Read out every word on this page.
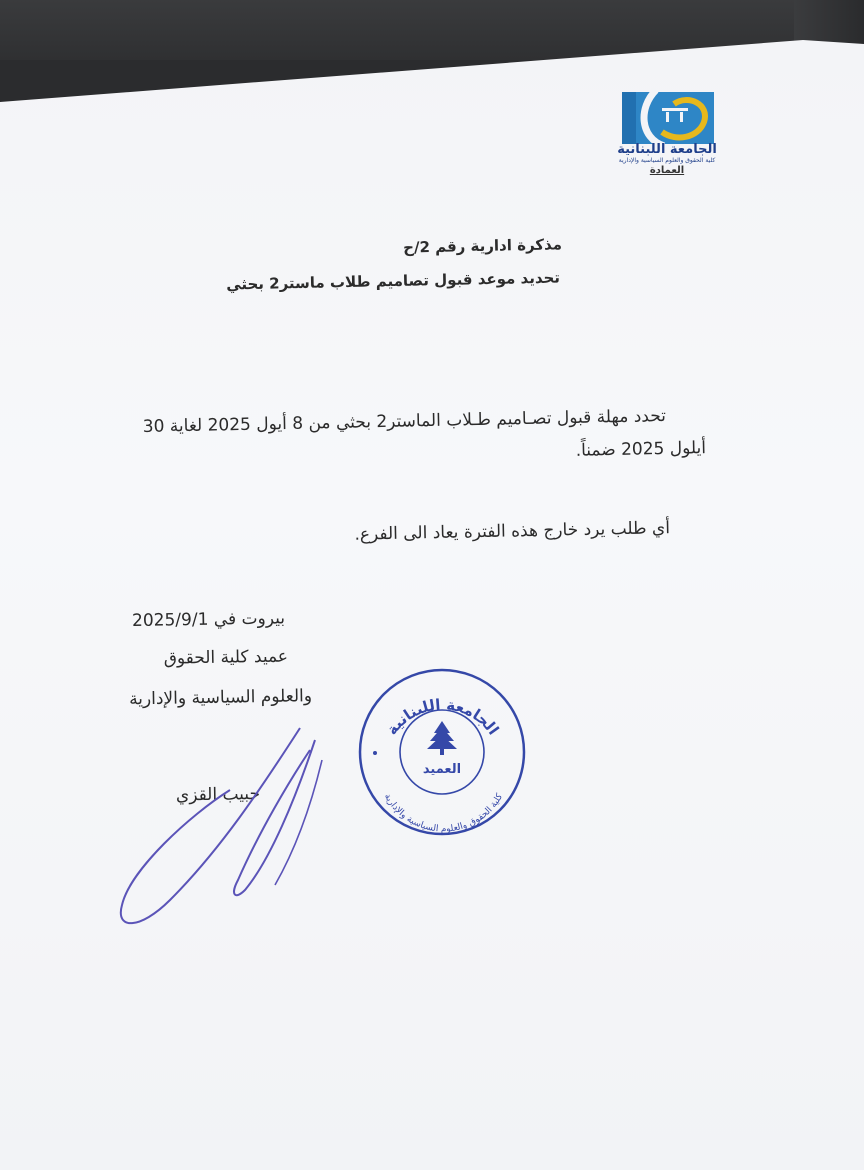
الجامعة اللبنانية
كلية الحقوق والعلوم السياسية والإدارية
العمادة
مذكرة ادارية رقم 2/ح
تحديد موعد قبول تصاميم طلاب ماستر2 بحثي
تحدد مهلة قبول تصـاميم طـلاب الماستر2 بحثي من 8 أيول 2025 لغاية 30
أيلول 2025 ضمناً.
أي طلب يرد خارج هذه الفترة يعاد الى الفرع.
بيروت في 2025/9/1
عميد كلية الحقوق
والعلوم السياسية والإدارية
حبيب القزي
الجامعة اللبنانية
كلية الحقوق والعلوم السياسية والإدارية
العميد
